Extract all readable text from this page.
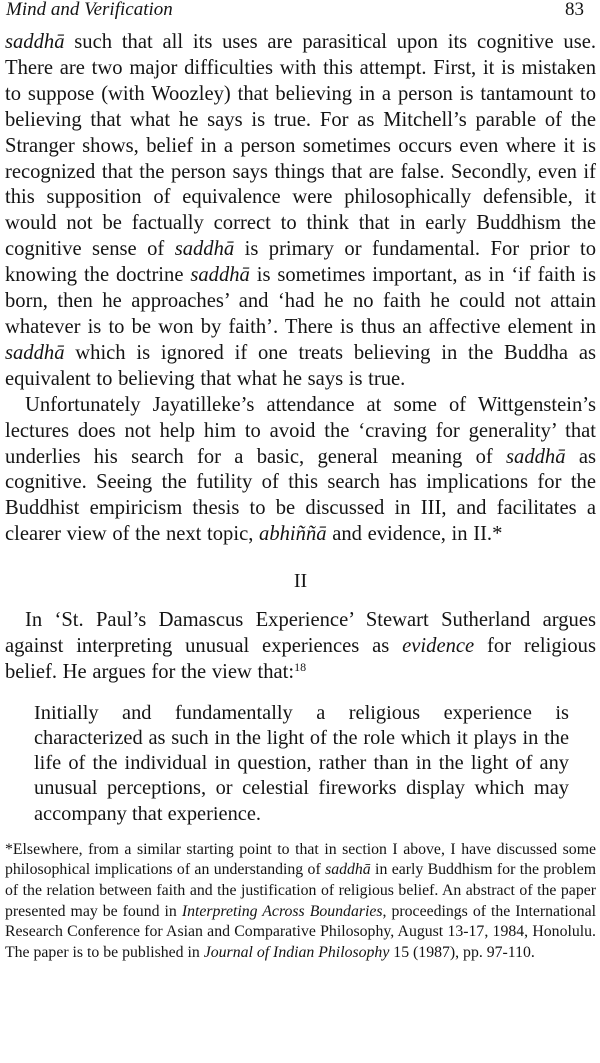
Mind and Verification	83

saddhā such that all its uses are parasitical upon its cognitive use. There are two major difficulties with this attempt. First, it is mistaken to suppose (with Woozley) that believing in a person is tantamount to believing that what he says is true. For as Mitchell’s parable of the Stranger shows, belief in a person sometimes occurs even where it is recognized that the person says things that are false. Secondly, even if this supposition of equivalence were philosophically defensible, it would not be factually correct to think that in early Buddhism the cognitive sense of saddhā is primary or fundamental. For prior to knowing the doctrine saddhā is sometimes important, as in ‘if faith is born, then he approaches’ and ‘had he no faith he could not attain whatever is to be won by faith’. There is thus an affective element in saddhā which is ignored if one treats believing in the Buddha as equivalent to believing that what he says is true.

Unfortunately Jayatilleke’s attendance at some of Wittgenstein’s lectures does not help him to avoid the ‘craving for generality’ that underlies his search for a basic, general meaning of saddhā as cognitive. Seeing the futility of this search has implications for the Buddhist empiricism thesis to be discussed in III, and facilitates a clearer view of the next topic, abhiññā and evidence, in II.*

II

In ‘St. Paul’s Damascus Experience’ Stewart Sutherland argues against interpreting unusual experiences as evidence for religious belief. He argues for the view that:$^{18}$

Initially and fundamentally a religious experience is characterized as such in the light of the role which it plays in the life of the individual in question, rather than in the light of any unusual perceptions, or celestial fireworks display which may accompany that experience.

*Elsewhere, from a similar starting point to that in section I above, I have discussed some philosophical implications of an understanding of saddhā in early Buddhism for the problem of the relation between faith and the justification of religious belief. An abstract of the paper presented may be found in Interpreting Across Boundaries, proceedings of the International Research Conference for Asian and Comparative Philosophy, August 13-17, 1984, Honolulu. The paper is to be published in Journal of Indian Philosophy 15 (1987), pp. 97-110.
